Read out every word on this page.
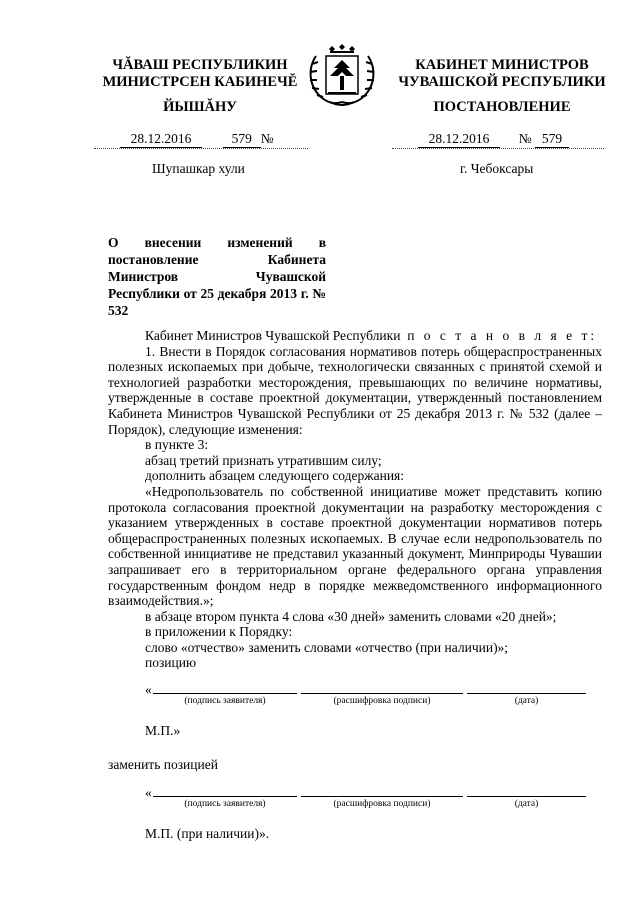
ЧĂВАШ РЕСПУБЛИКИН
МИНИСТРСЕН КАБИНЕЧĔ
ЙЫШĂНУ
КАБИНЕТ МИНИСТРОВ
ЧУВАШСКОЙ РЕСПУБЛИКИ
ПОСТАНОВЛЕНИЕ
28.12.2016	579 №	28.12.2016 № 579
Шупашкар хули	г. Чебоксары
О внесении изменений в постановление Кабинета Министров Чувашской Республики от 25 декабря 2013 г. № 532

Кабинет Министров Чувашской Республики п о с т а н о в л я е т:

1. Внести в Порядок согласования нормативов потерь общераспространенных полезных ископаемых при добыче, технологически связанных с принятой схемой и технологией разработки месторождения, превышающих по величине нормативы, утвержденные в составе проектной документации, утвержденный постановлением Кабинета Министров Чувашской Республики от 25 декабря 2013 г. № 532 (далее – Порядок), следующие изменения:

в пункте 3:

абзац третий признать утратившим силу;

дополнить абзацем следующего содержания:

«Недропользователь по собственной инициативе может представить копию протокола согласования проектной документации на разработку месторождения с указанием утвержденных в составе проектной документации нормативов потерь общераспространенных полезных ископаемых. В случае если недропользователь по собственной инициативе не представил указанный документ, Минприроды Чувашии запрашивает его в территориальном органе федерального органа управления государственным фондом недр в порядке межведомственного информационного взаимодействия.»;

в абзаце втором пункта 4 слова «30 дней» заменить словами «20 дней»;

в приложении к Порядку:

слово «отчество» заменить словами «отчество (при наличии)»;

позицию

«
(подпись заявителя)	(расшифровка подписи)	(дата)
М.П.»
заменить позицией
«
(подпись заявителя)	(расшифровка подписи)	(дата)
М.П. (при наличии)».
